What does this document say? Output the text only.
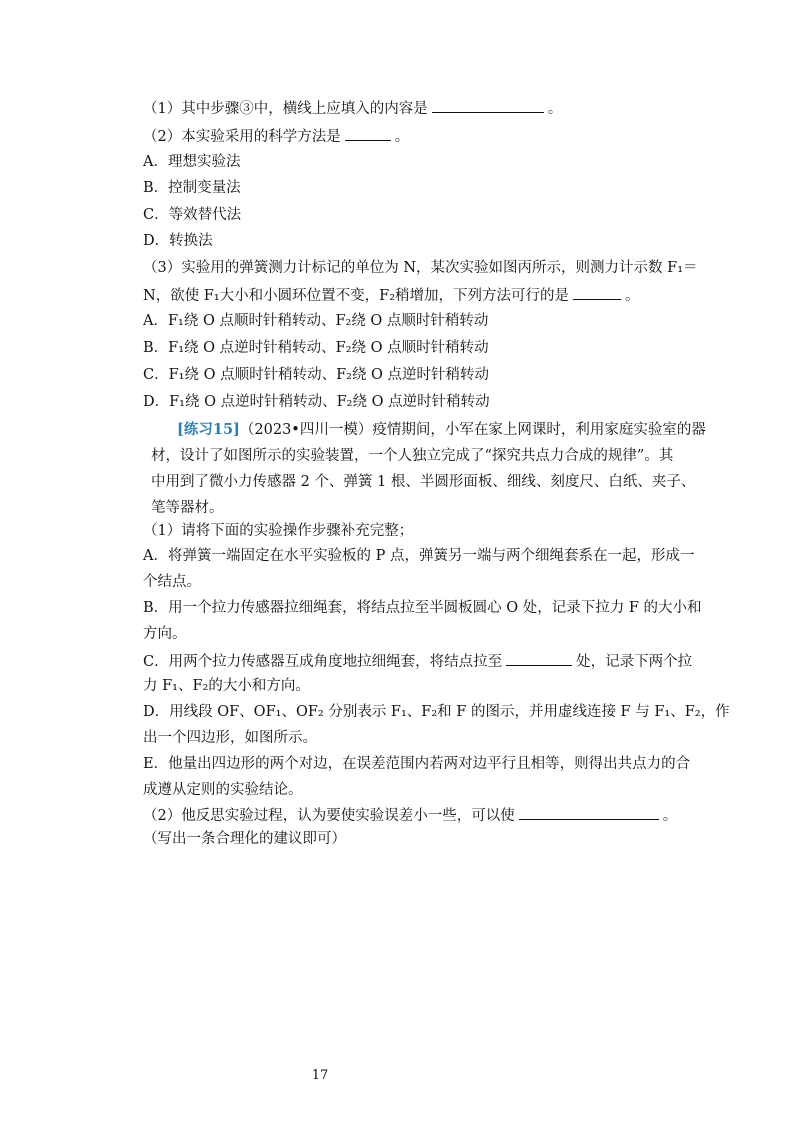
（1）其中步骤③中，横线上应填入的内容是	。
（2）本实验采用的科学方法是	。
A．理想实验法
B．控制变量法
C．等效替代法
D．转换法
（3）实验用的弹簧测力计标记的单位为 N，某次实验如图丙所示，则测力计示数 F₁＝
N，欲使 F₁大小和小圆环位置不变，F₂稍增加，下列方法可行的是	。
A．F₁绕 O 点顺时针稍转动、F₂绕 O 点顺时针稍转动
B．F₁绕 O 点逆时针稍转动、F₂绕 O 点顺时针稍转动
C．F₁绕 O 点顺时针稍转动、F₂绕 O 点逆时针稍转动
D．F₁绕 O 点逆时针稍转动、F₂绕 O 点逆时针稍转动
[练习15]（2023•四川一模）疫情期间，小军在家上网课时，利用家庭实验室的器
材，设计了如图所示的实验装置，一个人独立完成了“探究共点力合成的规律”。其
中用到了微小力传感器 2 个、弹簧 1 根、半圆形面板、细线、刻度尺、白纸、夹子、
笔等器材。
（1）请将下面的实验操作步骤补充完整；
A．将弹簧一端固定在水平实验板的 P 点，弹簧另一端与两个细绳套系在一起，形成一
个结点。
B．用一个拉力传感器拉细绳套，将结点拉至半圆板圆心 O 处，记录下拉力 F 的大小和
方向。
C．用两个拉力传感器互成角度地拉细绳套，将结点拉至	处，记录下两个拉
力 F₁、F₂的大小和方向。
D．用线段 OF、OF₁、OF₂ 分别表示 F₁、F₂和 F 的图示，并用虚线连接 F 与 F₁、F₂，作
出一个四边形，如图所示。
E．他量出四边形的两个对边，在误差范围内若两对边平行且相等，则得出共点力的合
成遵从定则的实验结论。
（2）他反思实验过程，认为要使实验误差小一些，可以使	。
（写出一条合理化的建议即可）
17
